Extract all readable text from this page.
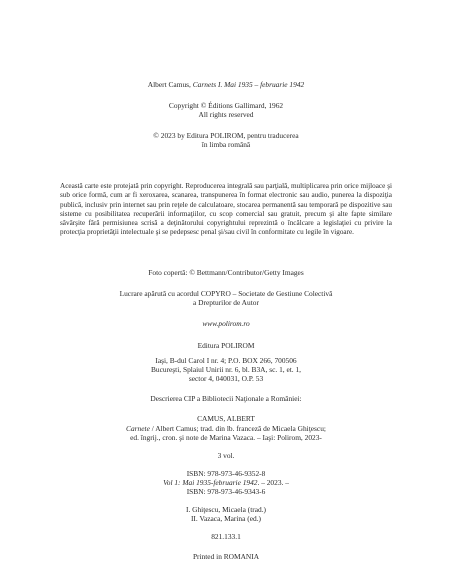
Albert Camus, Carnets I. Mai 1935 – februarie 1942
Copyright © Éditions Gallimard, 1962
All rights reserved
© 2023 by Editura POLIROM, pentru traducerea
în limba română
Această carte este protejată prin copyright. Reproducerea integrală sau parţială, multiplicarea prin orice mijloace şi sub orice formă, cum ar fi xeroxarea, scanarea, transpunerea în format electronic sau audio, punerea la dispoziţia publică, inclusiv prin internet sau prin reţele de calculatoare, stocarea permanentă sau temporară pe dispozitive sau sisteme cu posibilitatea recuperării informaţiilor, cu scop comercial sau gratuit, precum şi alte fapte similare săvârşite fără permisiunea scrisă a deţinătorului copyrightului reprezintă o încălcare a legislaţiei cu privire la protecţia proprietăţii intelectuale şi se pedepsesc penal şi/sau civil în conformitate cu legile în vigoare.
Foto copertă: © Bettmann/Contributor/Getty Images
Lucrare apărută cu acordul COPYRO – Societate de Gestiune Colectivă
a Drepturilor de Autor
www.polirom.ro
Editura POLIROM
Iaşi, B-dul Carol I nr. 4; P.O. BOX 266, 700506
Bucureşti, Splaiul Unirii nr. 6, bl. B3A, sc. 1, et. 1,
sector 4, 040031, O.P. 53
Descrierea CIP a Bibliotecii Naţionale a României:
CAMUS, ALBERT
Carnete / Albert Camus; trad. din lb. franceză de Micaela Ghiţescu;
ed. îngrij., cron. şi note de Marina Vazaca. – Iaşi: Polirom, 2023-
3 vol.
ISBN: 978-973-46-9352-8
Vol 1: Mai 1935-februarie 1942. – 2023. –
ISBN: 978-973-46-9343-6
I. Ghiţescu, Micaela (trad.)
II. Vazaca, Marina (ed.)
821.133.1
Printed in ROMANIA
